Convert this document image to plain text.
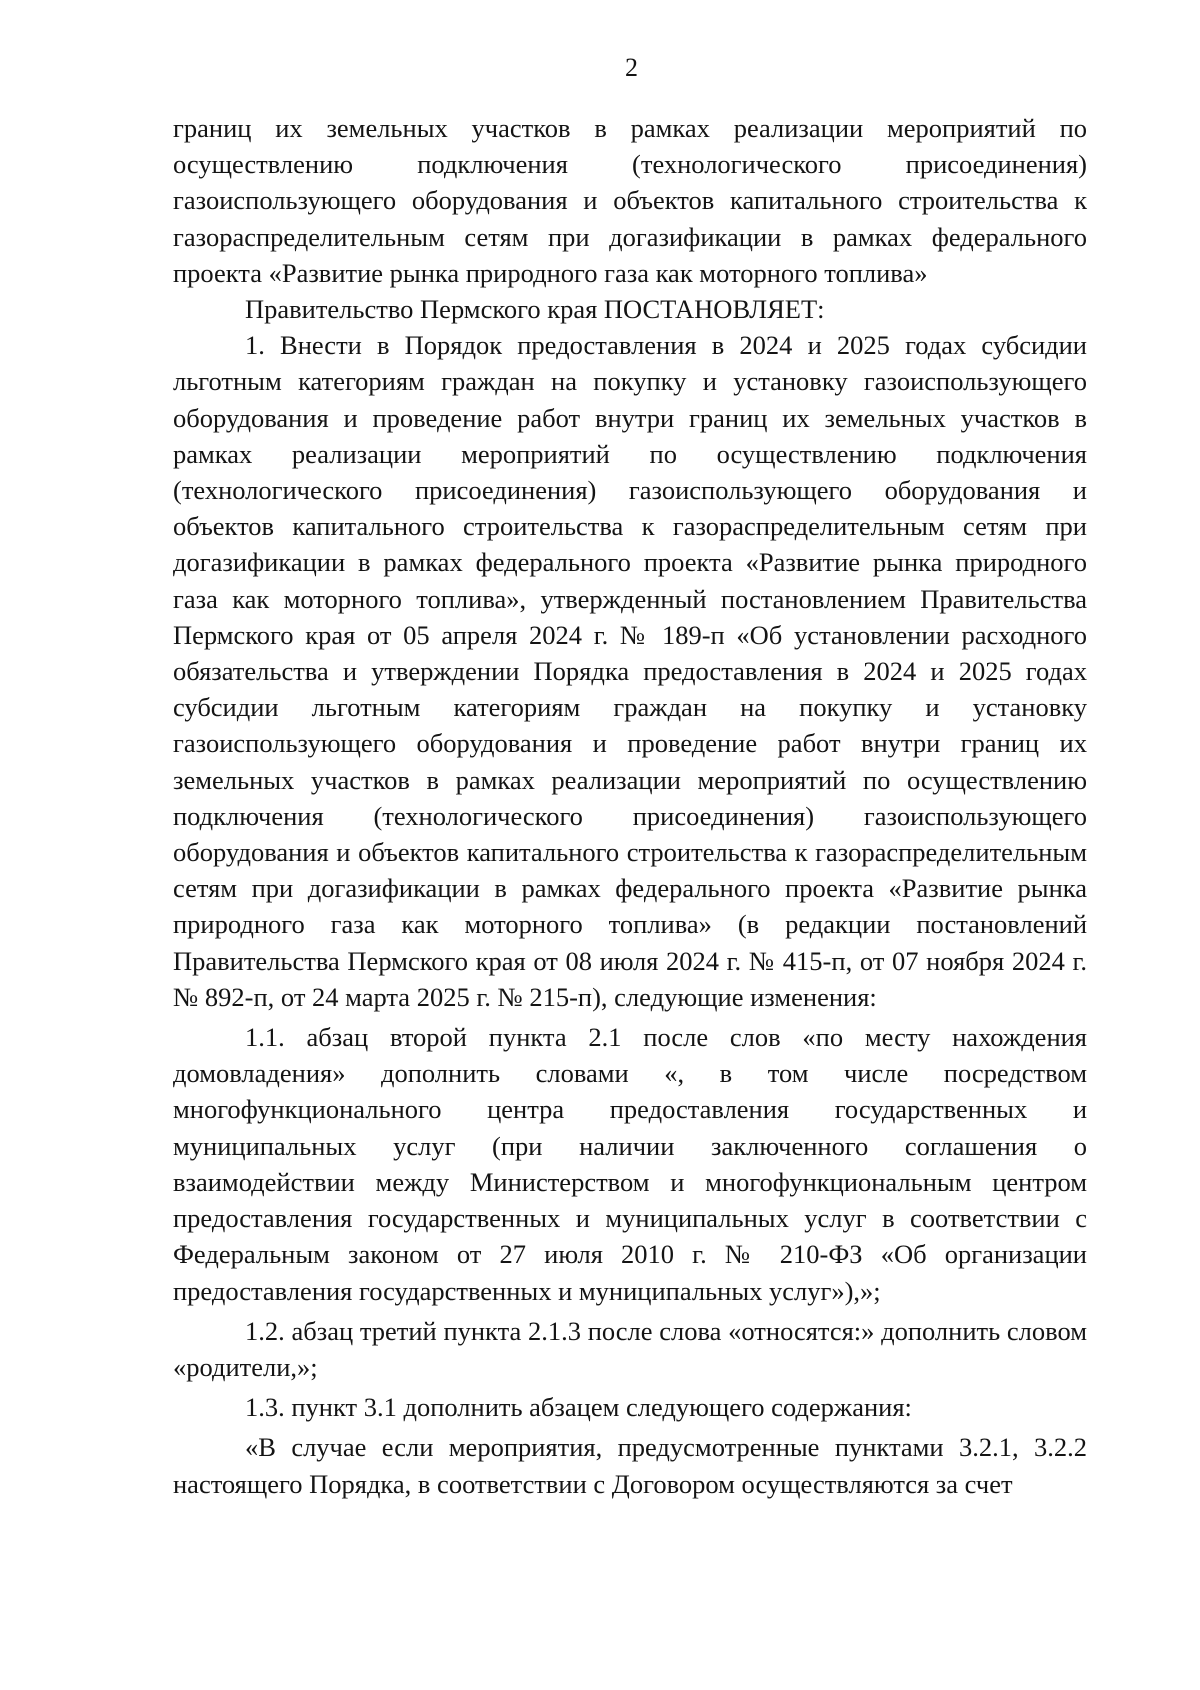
2

границ их земельных участков в рамках реализации мероприятий по осуществлению подключения (технологического присоединения) газоиспользующего оборудования и объектов капитального строительства к газораспределительным сетям при догазификации в рамках федерального проекта «Развитие рынка природного газа как моторного топлива»

Правительство Пермского края ПОСТАНОВЛЯЕТ:

1. Внести в Порядок предоставления в 2024 и 2025 годах субсидии льготным категориям граждан на покупку и установку газоиспользующего оборудования и проведение работ внутри границ их земельных участков в рамках реализации мероприятий по осуществлению подключения (технологического присоединения) газоиспользующего оборудования и объектов капитального строительства к газораспределительным сетям при догазификации в рамках федерального проекта «Развитие рынка природного газа как моторного топлива», утвержденный постановлением Правительства Пермского края от 05 апреля 2024 г. № 189-п «Об установлении расходного обязательства и утверждении Порядка предоставления в 2024 и 2025 годах субсидии льготным категориям граждан на покупку и установку газоиспользующего оборудования и проведение работ внутри границ их земельных участков в рамках реализации мероприятий по осуществлению подключения (технологического присоединения) газоиспользующего оборудования и объектов капитального строительства к газораспределительным сетям при догазификации в рамках федерального проекта «Развитие рынка природного газа как моторного топлива» (в редакции постановлений Правительства Пермского края от 08 июля 2024 г. № 415-п, от 07 ноября 2024 г. № 892-п, от 24 марта 2025 г. № 215-п), следующие изменения:

1.1. абзац второй пункта 2.1 после слов «по месту нахождения домовладения» дополнить словами «, в том числе посредством многофункционального центра предоставления государственных и муниципальных услуг (при наличии заключенного соглашения о взаимодействии между Министерством и многофункциональным центром предоставления государственных и муниципальных услуг в соответствии с Федеральным законом от 27 июля 2010 г. № 210-ФЗ «Об организации предоставления государственных и муниципальных услуг»),»;

1.2. абзац третий пункта 2.1.3 после слова «относятся:» дополнить словом «родители,»;

1.3. пункт 3.1 дополнить абзацем следующего содержания:

«В случае если мероприятия, предусмотренные пунктами 3.2.1, 3.2.2 настоящего Порядка, в соответствии с Договором осуществляются за счет
